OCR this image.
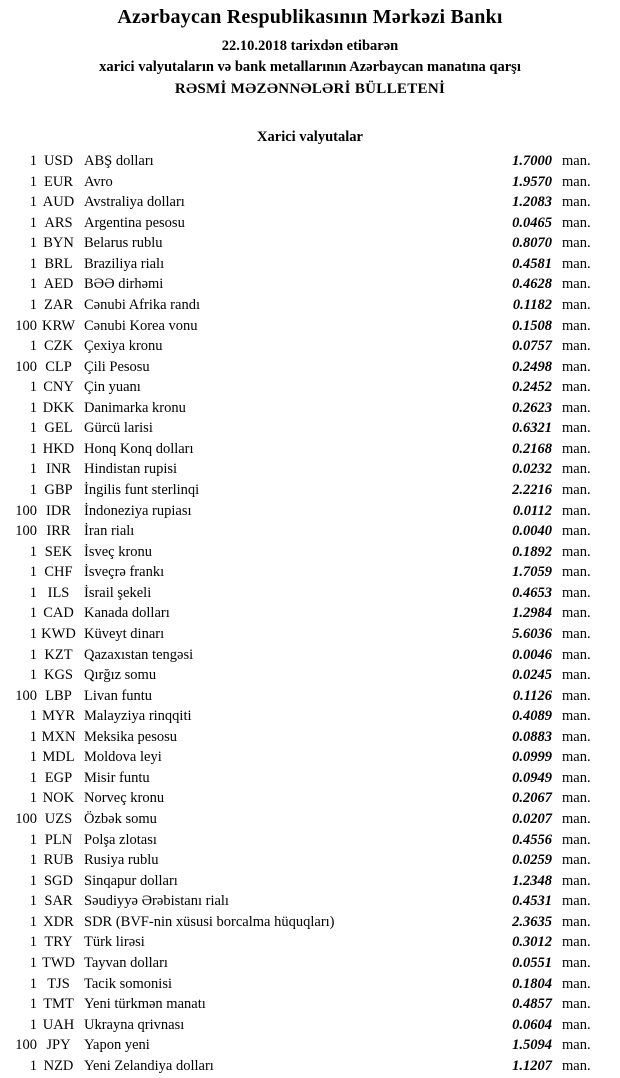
Azərbaycan Respublikasının Mərkəzi Bankı
22.10.2018 tarixdən etibarən
xarici valyutaların və bank metallarının Azərbaycan manatına qarşı
RƏSMİ MƏZƏNNƏLƏRİ BÜLLETENİ
Xarici valyutalar
1 USD ABŞ dolları	1.7000 man.
1 EUR Avro	1.9570 man.
1 AUD Avstraliya dolları	1.2083 man.
1 ARS Argentina pesosu	0.0465 man.
1 BYN Belarus rublu	0.8070 man.
1 BRL Braziliya rialı	0.4581 man.
1 AED BƏƏ dirhəmi	0.4628 man.
1 ZAR Cənubi Afrika randı	0.1182 man.
100 KRW Cənubi Korea vonu	0.1508 man.
1 CZK Çexiya kronu	0.0757 man.
100 CLP Çili Pesosu	0.2498 man.
1 CNY Çin yuanı	0.2452 man.
1 DKK Danimarka kronu	0.2623 man.
1 GEL Gürcü larisi	0.6321 man.
1 HKD Honq Konq dolları	0.2168 man.
1 INR Hindistan rupisi	0.0232 man.
1 GBP İngilis funt sterlinqi	2.2216 man.
100 IDR İndoneziya rupiası	0.0112 man.
100 IRR İran rialı	0.0040 man.
1 SEK İsveç kronu	0.1892 man.
1 CHF İsveçrə frankı	1.7059 man.
1 ILS	İsrail şekeli	0.4653 man.
1 CAD Kanada dolları	1.2984 man.
1 KWD Küveyt dinarı	5.6036 man.
1 KZT Qazaxıstan tengəsi	0.0046 man.
1 KGS Qırğız somu	0.0245 man.
100 LBP Livan funtu	0.1126 man.
1 MYR Malayziya rinqqiti	0.4089 man.
1 MXN Meksika pesosu	0.0883 man.
1 MDL Moldova leyi	0.0999 man.
1 EGP Misir funtu	0.0949 man.
1 NOK Norveç kronu	0.2067 man.
100 UZS Özbək somu	0.0207 man.
1 PLN Polşa zlotası	0.4556 man.
1 RUB Rusiya rublu	0.0259 man.
1 SGD Sinqapur dolları	1.2348 man.
1 SAR Səudiyyə Ərəbistanı rialı	0.4531 man.
1 XDR SDR (BVF-nin xüsusi borcalma hüquqları)	2.3635 man.
1 TRY Türk lirəsi	0.3012 man.
1 TWD Tayvan dolları	0.0551 man.
1 TJS Tacik somonisi	0.1804 man.
1 TMT Yeni türkmən manatı	0.4857 man.
1 UAH Ukrayna qrivnası	0.0604 man.
100 JPY Yapon yeni	1.5094 man.
1 NZD Yeni Zelandiya dolları	1.1207 man.
